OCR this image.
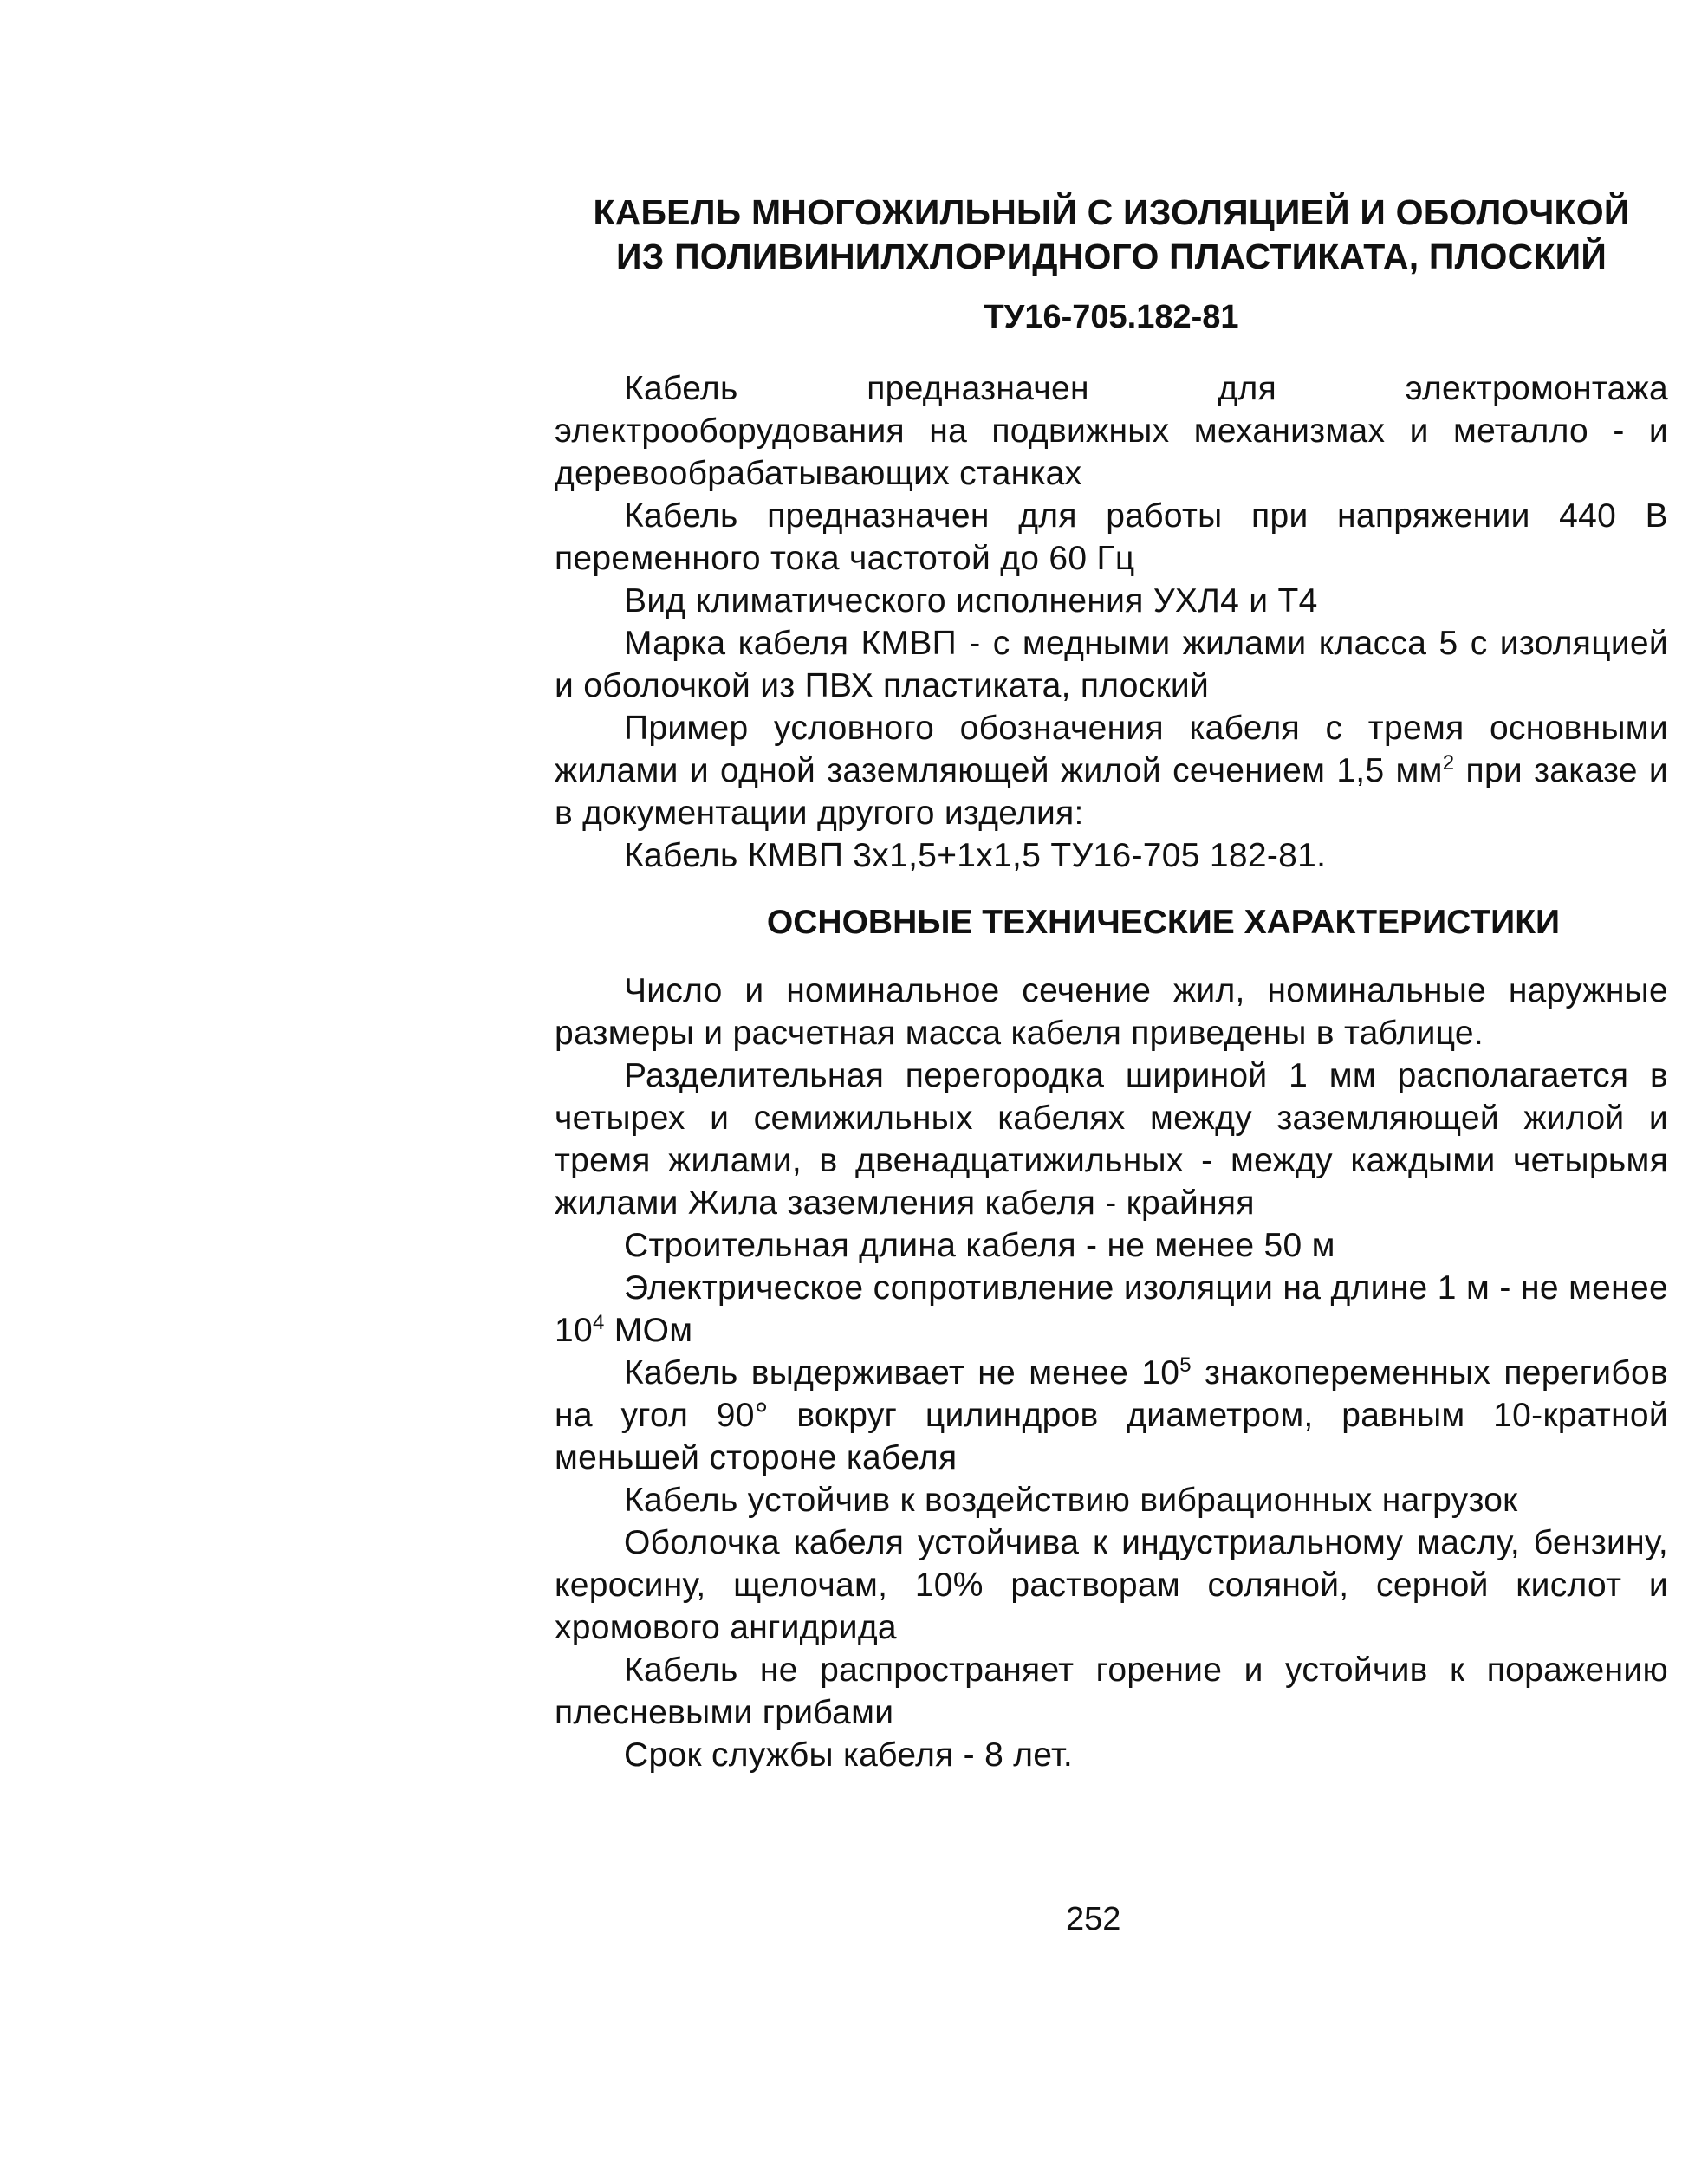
КАБЕЛЬ МНОГОЖИЛЬНЫЙ С ИЗОЛЯЦИЕЙ И ОБОЛОЧКОЙ
ИЗ ПОЛИВИНИЛХЛОРИДНОГО ПЛАСТИКАТА, ПЛОСКИЙ
ТУ16-705.182-81

Кабель предназначен для электромонтажа электрооборудования на подвижных механизмах и металло - и деревообрабатывающих станках

Кабель предназначен для работы при напряжении 440 В переменного тока частотой до 60 Гц

Вид климатического исполнения УХЛ4 и Т4

Марка кабеля КМВП - с медными жилами класса 5 с изоляцией и оболочкой из ПВХ пластиката, плоский

Пример условного обозначения кабеля с тремя основными жилами и одной заземляющей жилой сечением 1,5 $мм^2$ при заказе и в документации другого изделия:

Кабель КМВП 3х1,5+1х1,5 ТУ16-705 182-81.

ОСНОВНЫЕ ТЕХНИЧЕСКИЕ ХАРАКТЕРИСТИКИ

Число и номинальное сечение жил, номинальные наружные размеры и расчетная масса кабеля приведены в таблице.

Разделительная перегородка шириной 1 мм располагается в четырех и семижильных кабелях между заземляющей жилой и тремя жилами, в двенадцатижильных - между каждыми четырьмя жилами Жила заземления кабеля - крайняя

Строительная длина кабеля - не менее 50 м

Электрическое сопротивление изоляции на длине 1 м - не менее $10^4$ МОм

Кабель выдерживает не менее $10^5$ знакопеременных перегибов на угол 90° вокруг цилиндров диаметром, равным 10-кратной меньшей стороне кабеля

Кабель устойчив к воздействию вибрационных нагрузок

Оболочка кабеля устойчива к индустриальному маслу, бензину, керосину, щелочам, 10% растворам соляной, серной кислот и хромового ангидрида

Кабель не распространяет горение и устойчив к поражению плесневыми грибами

Срок службы кабеля - 8 лет.

252
